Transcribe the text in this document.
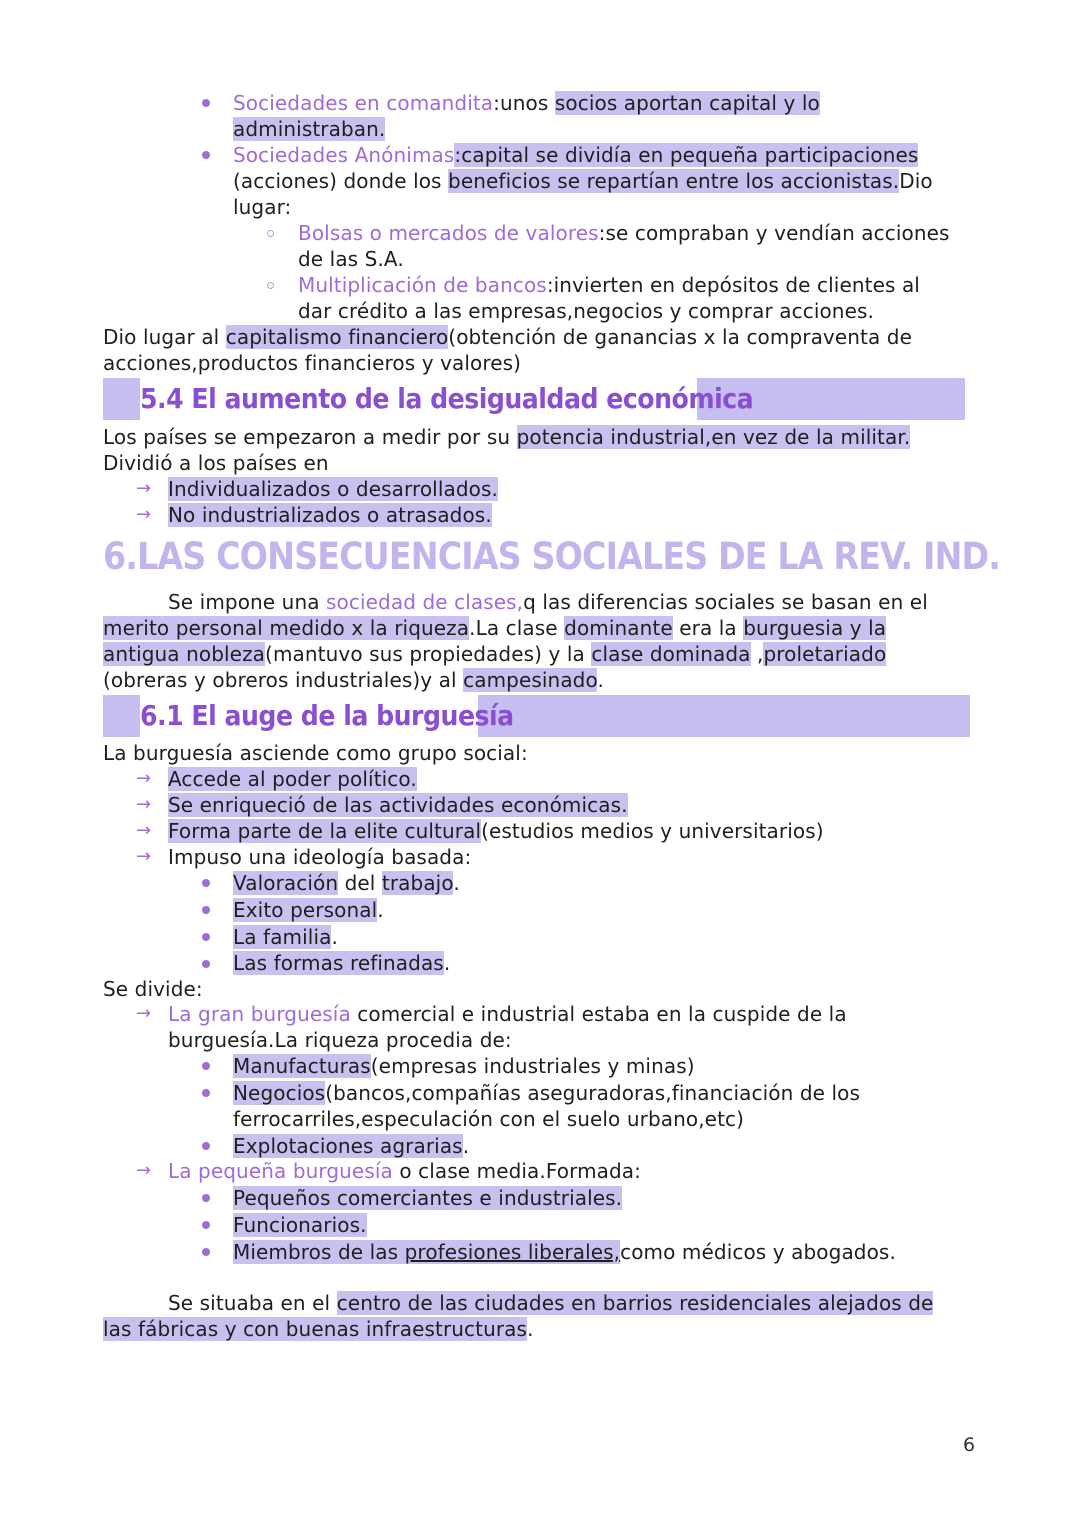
Sociedades en comandita:unos socios aportan capital y lo
administraban.
Sociedades Anónimas:capital se dividía en pequeña participaciones
(acciones) donde los beneficios se repartían entre los accionistas.Dio
lugar:
Bolsas o mercados de valores:se compraban y vendían acciones
de las S.A.
Multiplicación de bancos:invierten en depósitos de clientes al
dar crédito a las empresas,negocios y comprar acciones.
Dio lugar al capitalismo financiero(obtención de ganancias x la compraventa de
acciones,productos financieros y valores)
5.4 El aumento de la desigualdad económica
Los países se empezaron a medir por su potencia industrial,en vez de la militar.
Dividió a los países en
→ Individualizados o desarrollados.
→ No industrializados o atrasados.
6.LAS CONSECUENCIAS SOCIALES DE LA REV. IND.
Se impone una sociedad de clases,q las diferencias sociales se basan en el
merito personal medido x la riqueza.La clase dominante era la burguesia y la
antigua nobleza(mantuvo sus propiedades) y la clase dominada ,proletariado
(obreras y obreros industriales)y al campesinado.
6.1 El auge de la burguesía
La burguesía asciende como grupo social:
→ Accede al poder político.
→ Se enriqueció de las actividades económicas.
→ Forma parte de la elite cultural(estudios medios y universitarios)
→ Impuso una ideología basada:
Valoración del trabajo.
Exito personal.
La familia.
Las formas refinadas.
Se divide:
→ La gran burguesía comercial e industrial estaba en la cuspide de la
burguesía.La riqueza procedia de:
Manufacturas(empresas industriales y minas)
Negocios(bancos,compañías aseguradoras,financiación de los
ferrocarriles,especulación con el suelo urbano,etc)
Explotaciones agrarias.
→ La pequeña burguesía o clase media.Formada:
Pequeños comerciantes e industriales.
Funcionarios.
Miembros de las profesiones liberales,como médicos y abogados.
Se situaba en el centro de las ciudades en barrios residenciales alejados de
las fábricas y con buenas infraestructuras.
6
